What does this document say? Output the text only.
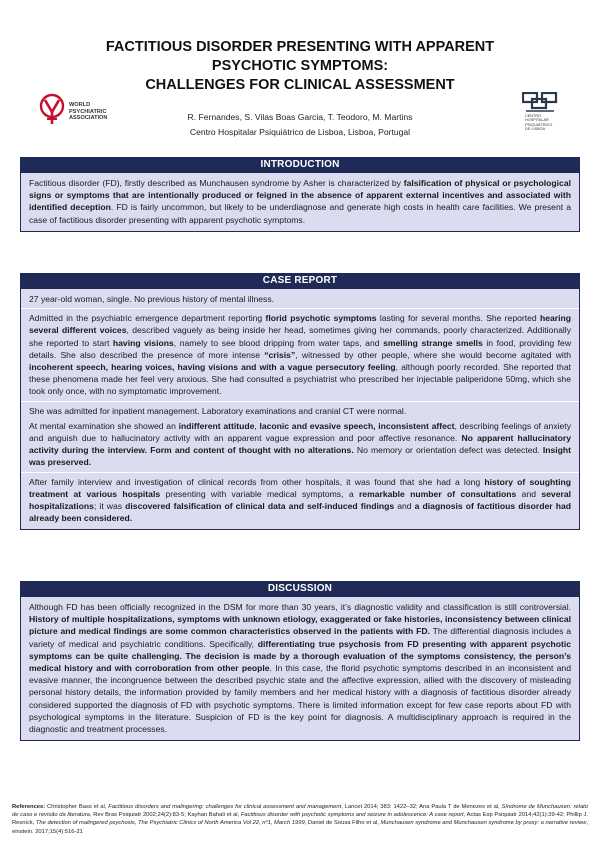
FACTITIOUS DISORDER PRESENTING WITH APPARENT
PSYCHOTIC SYMPTOMS:
CHALLENGES FOR CLINICAL ASSESSMENT
WORLD
PSYCHIATRIC
ASSOCIATION	CENTRO
HOSPITALAR
PSIQUIÁTRICO
DE LISBOA
R. Fernandes, S. Vilas Boas Garcia, T. Teodoro, M. Martins
Centro Hospitalar Psiquiátrico de Lisboa, Lisboa, Portugal
INTRODUCTION

Factitious disorder (FD), firstly described as Munchausen syndrome by Asher is characterized by falsification of physical or psychological signs or symptoms that are intentionally produced or feigned in the absence of apparent external incentives and associated with identified deception. FD is fairly uncommon, but likely to be underdiagnose and generate high costs in health care facilities. We present a case of factitious disorder presenting with apparent psychotic symptoms.

CASE REPORT

27 year-old woman, single. No previous history of mental illness.

Admitted in the psychiatric emergence department reporting florid psychotic symptoms lasting for several months. She reported hearing several different voices, described vaguely as being inside her head, sometimes giving her commands, poorly characterized. Additionally she reported to start having visions, namely to see blood dripping from water taps, and smelling strange smells in food, providing few details. She also described the presence of more intense “crisis”, witnessed by other people, where she would become agitated with incoherent speech, hearing voices, having visions and with a vague persecutory feeling, although poorly recorded. She reported that these phenomena made her feel very anxious. She had consulted a psychiatrist who prescribed her injectable paliperidone 50mg, which she took only once, with no symptomatic improvement.

She was admitted for inpatient management. Laboratory examinations and cranial CT were normal.

At mental examination she showed an indifferent attitude, laconic and evasive speech, inconsistent affect, describing feelings of anxiety and anguish due to hallucinatory activity with an apparent vague expression and poor affective resonance. No apparent hallucinatory activity during the interview. Form and content of thought with no alterations. No memory or orientation defect was detected. Insight was preserved.

After family interview and investigation of clinical records from other hospitals, it was found that she had a long history of soughting treatment at various hospitals presenting with variable medical symptoms, a remarkable number of consultations and several hospitalizations; it was discovered falsification of clinical data and self-induced findings and a diagnosis of factitious disorder had already been considered.

DISCUSSION

Although FD has been officially recognized in the DSM for more than 30 years, it’s diagnostic validity and classification is still controversial. History of multiple hospitalizations, symptoms with unknown etiology, exaggerated or fake histories, inconsistency between clinical picture and medical findings are some common characteristics observed in the patients with FD. The differential diagnosis includes a variety of medical and psychiatric conditions. Specifically, differentiating true psychosis from FD presenting with apparent psychotic symptoms can be quite challenging. The decision is made by a thorough evaluation of the symptoms consistency, the person’s medical history and with corroboration from other people. In this case, the florid psychotic symptoms described in an inconsistent and evasive manner, the incongruence between the described psychic state and the affective expression, allied with the discovery of misleading personal history details, the information provided by family members and her medical history with a diagnosis of factitious disorder already considered supported the diagnosis of FD with psychotic symptoms. There is limited information except for few case reports about FD with psychological symptoms in the literature. Suspicion of FD is the key point for diagnosis. A multidisciplinary approach is required in the diagnostic and treatment processes.

References: Christopher Bass et al, Factitious disorders and malingering: challenges for clinical assessment and management, Lancet 2014; 383: 1422–32; Ana Paula T de Menezes et al, Síndrome de Munchausen: relato de caso e revisão da literatura, Rev Bras Psiquiatr 2002;24(2):83-5; Kayhan Bahali et al, Factitious disorder with psychotic symptoms and seizure in adolescence: A case report, Actas Esp Psiquiatr 2014;42(1):39-42; Phillip J. Resnick, The detection of malingered psychosis, The Psychiatric Clinics of North America Vol 22, nº1, March 1999, Daniel de Sousa Filho et al, Munchausen syndrome and Munchausen syndrome by proxy: a narrative review, einstein. 2017;15(4):516-21
